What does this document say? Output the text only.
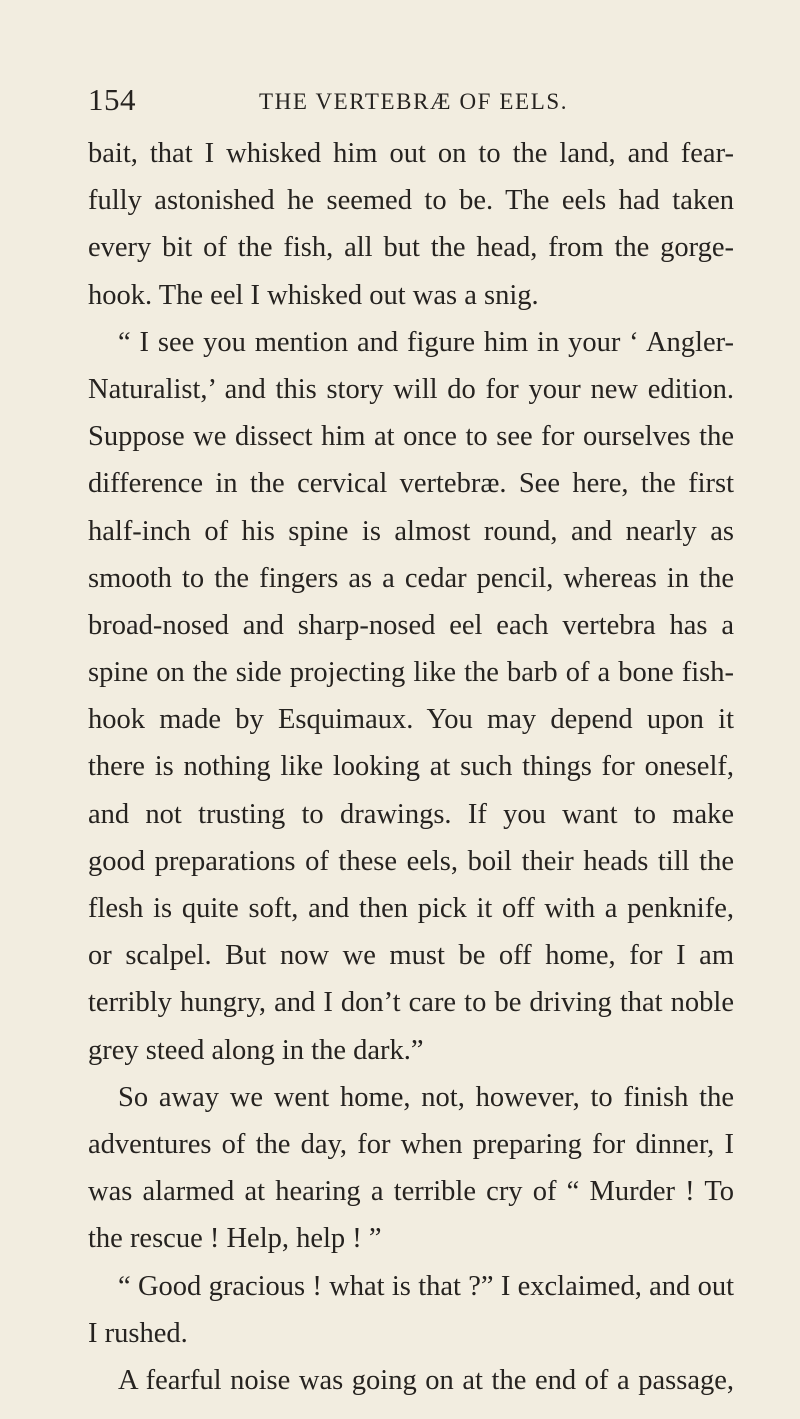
154	THE VERTEBRÆ OF EELS.
bait, that I whisked him out on to the land, and fear-
fully astonished he seemed to be. The eels had taken
every bit of the fish, all but the head, from the gorge-
hook. The eel I whisked out was a snig.
“ I see you mention and figure him in your ‘ Angler-
Naturalist,’ and this story will do for your new edition.
Suppose we dissect him at once to see for ourselves the
difference in the cervical vertebræ. See here, the first
half-inch of his spine is almost round, and nearly as
smooth to the fingers as a cedar pencil, whereas in the
broad-nosed and sharp-nosed eel each vertebra has a
spine on the side projecting like the barb of a bone fish-
hook made by Esquimaux. You may depend upon it
there is nothing like looking at such things for oneself,
and not trusting to drawings. If you want to make
good preparations of these eels, boil their heads till the
flesh is quite soft, and then pick it off with a penknife,
or scalpel. But now we must be off home, for I am
terribly hungry, and I don’t care to be driving that noble
grey steed along in the dark.”
So away we went home, not, however, to finish the
adventures of the day, for when preparing for dinner, I
was alarmed at hearing a terrible cry of “ Murder ! To
the rescue ! Help, help ! ”
“ Good gracious ! what is that ?” I exclaimed, and out
I rushed.
A fearful noise was going on at the end of a passage,
